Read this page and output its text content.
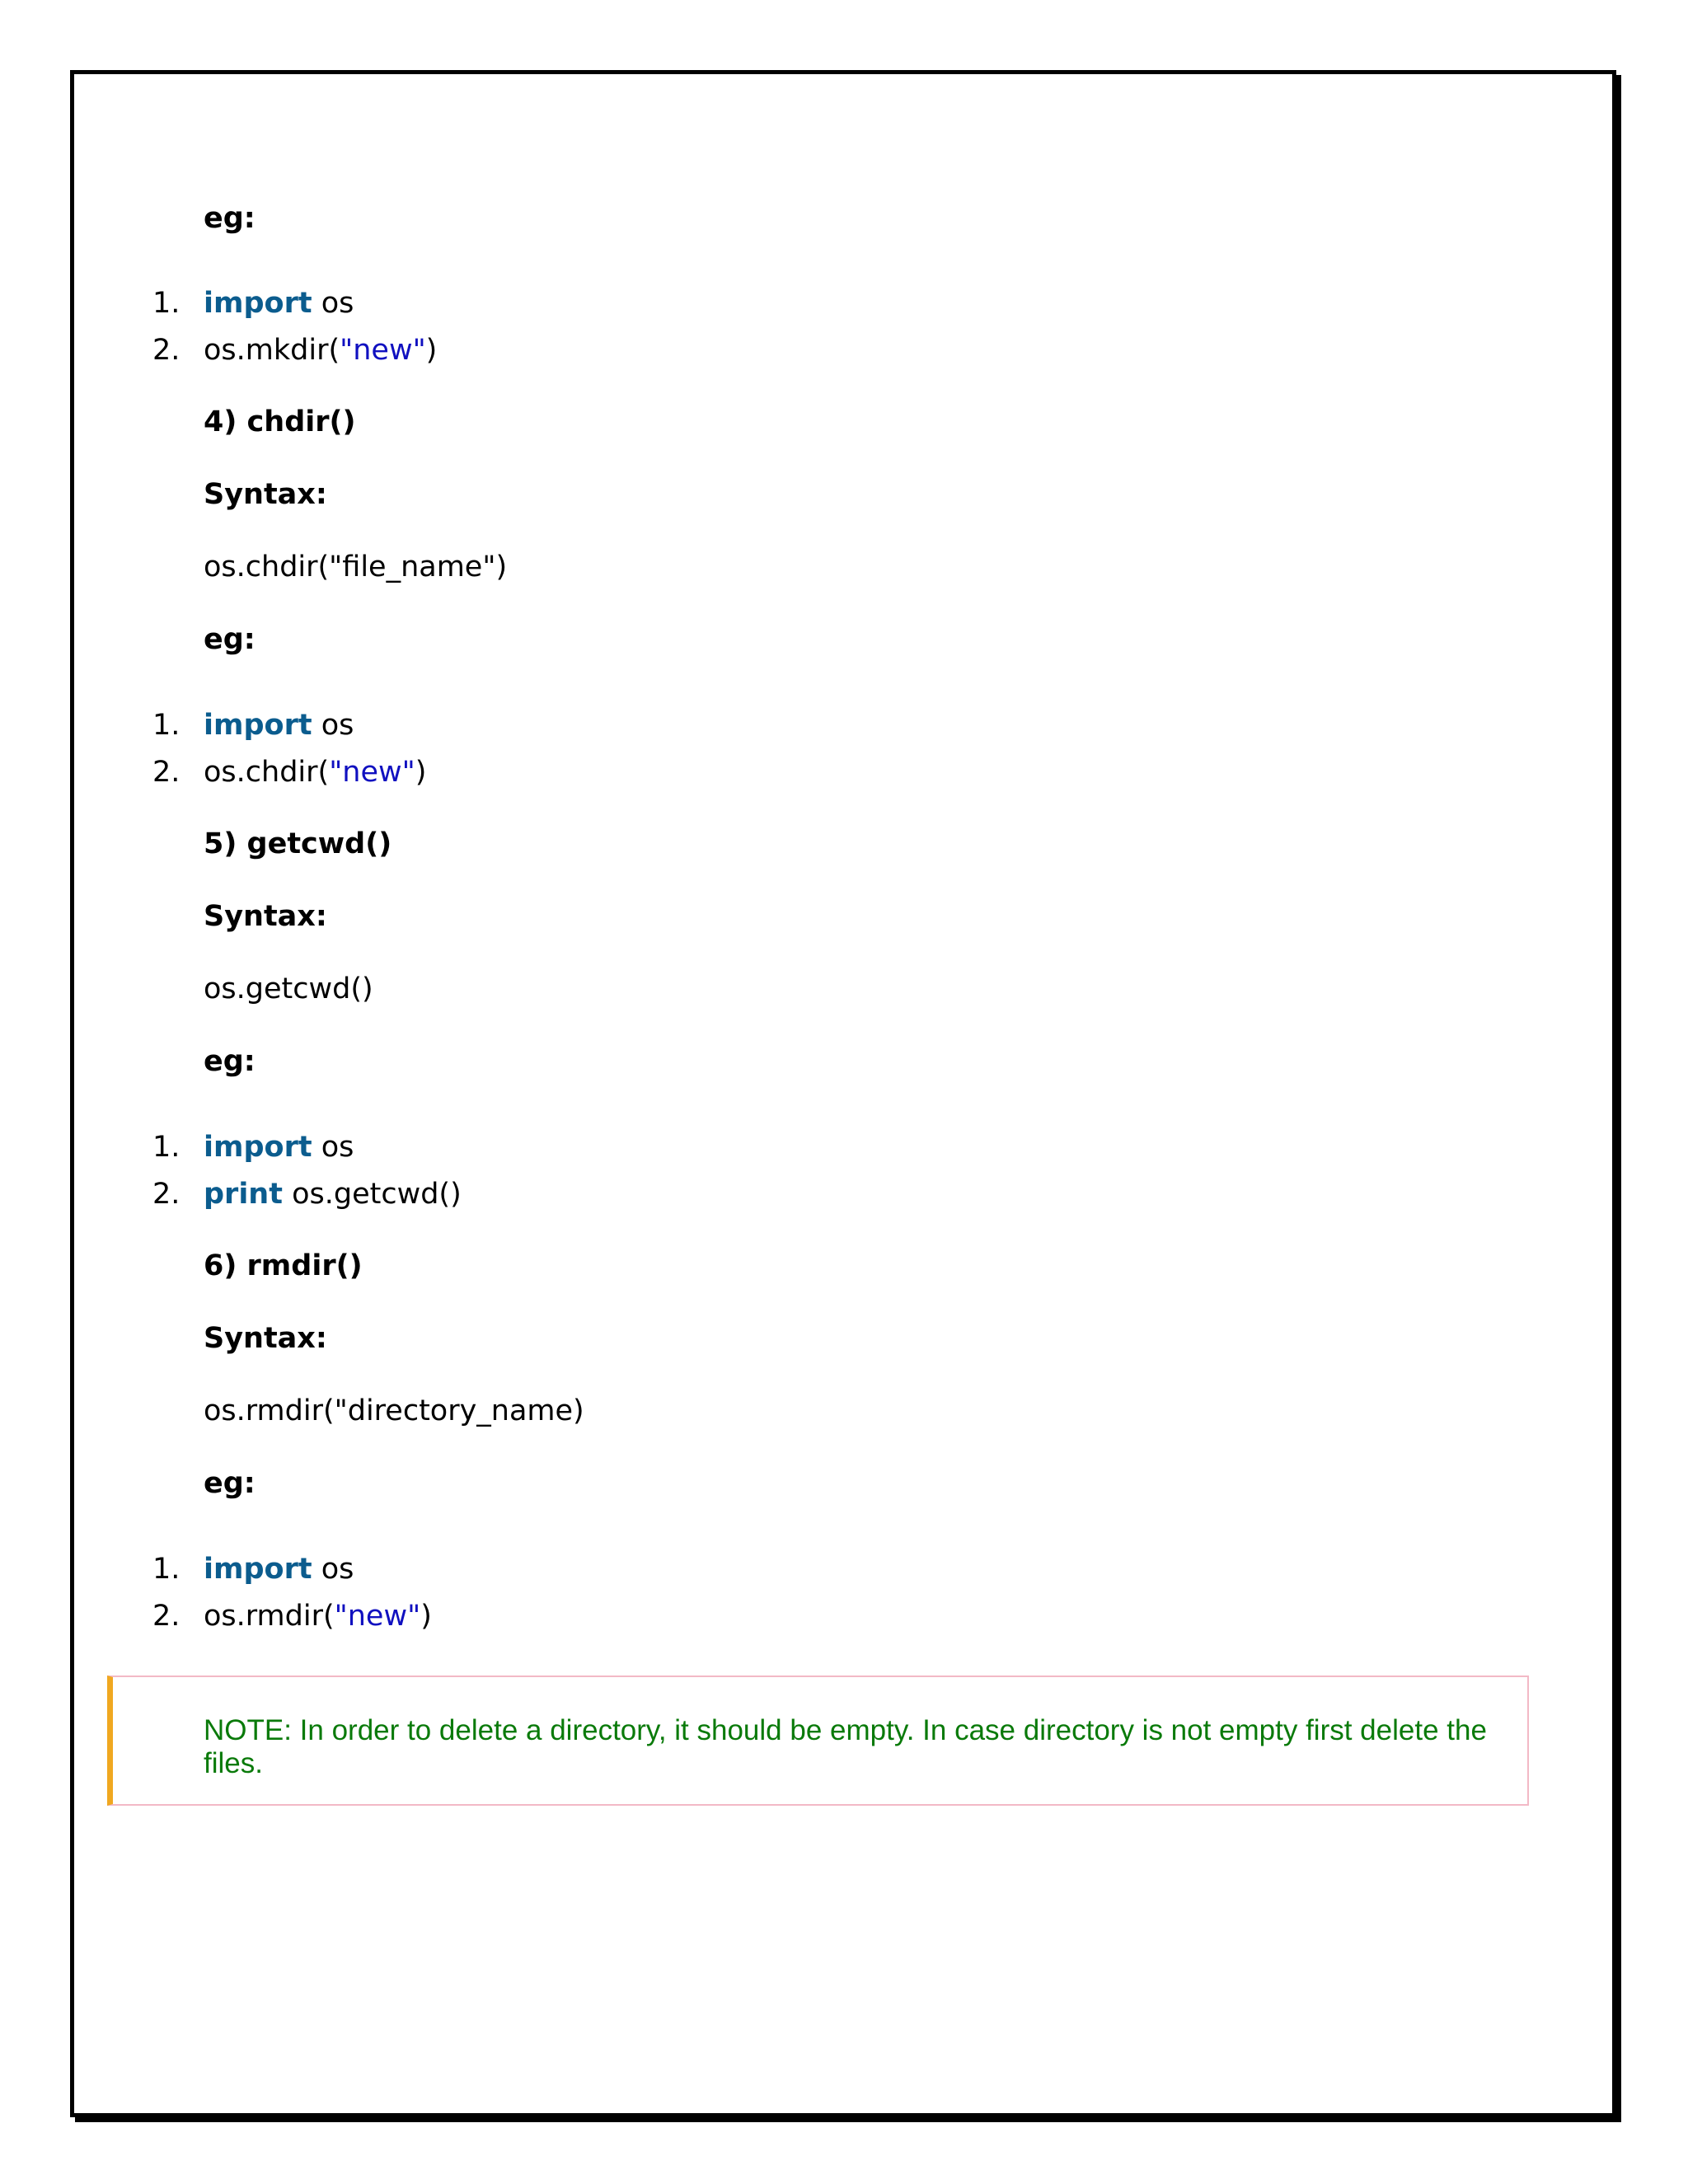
eg:
1. import os
2. os.mkdir("new")
4) chdir()
Syntax:
os.chdir("file_name")
eg:
1. import os
2. os.chdir("new")
5) getcwd()
Syntax:
os.getcwd()
eg:
1. import os
2. print os.getcwd()
6) rmdir()
Syntax:
os.rmdir("directory_name)
eg:
1. import os
2. os.rmdir("new")
NOTE: In order to delete a directory, it should be empty. In case directory is not empty first delete the files.
